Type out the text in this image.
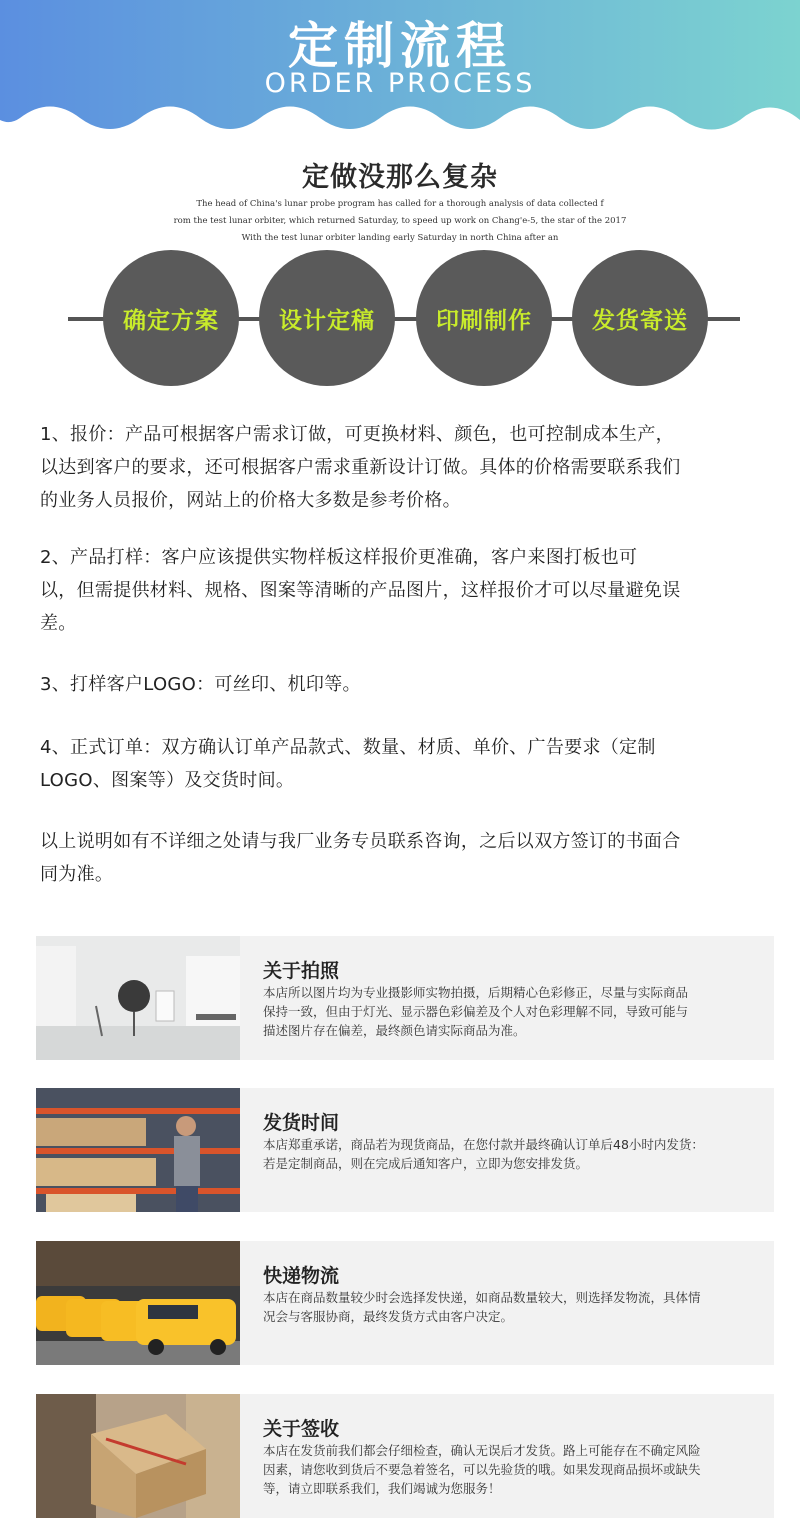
定制流程
ORDER PROCESS
定做没那么复杂
The head of China's lunar probe program has called for a thorough analysis of data collected f
rom the test lunar orbiter, which returned Saturday, to speed up work on Chang'e-5, the star of the 2017
With the test lunar orbiter landing early Saturday in north China after an
确定方案	设计定稿	印刷制作	发货寄送
1、报价：产品可根据客户需求订做，可更换材料、颜色，也可控制成本生产，
以达到客户的要求，还可根据客户需求重新设计订做。具体的价格需要联系我们
的业务人员报价，网站上的价格大多数是参考价格。
2、产品打样：客户应该提供实物样板这样报价更准确，客户来图打板也可
以，但需提供材料、规格、图案等清晰的产品图片，这样报价才可以尽量避免误
差。
3、打样客户LOGO：可丝印、机印等。
4、正式订单：双方确认订单产品款式、数量、材质、单价、广告要求（定制
LOGO、图案等）及交货时间。
以上说明如有不详细之处请与我厂业务专员联系咨询，之后以双方签订的书面合
同为准。
关于拍照
本店所以图片均为专业摄影师实物拍摄，后期精心色彩修正，尽量与实际商品
保持一致，但由于灯光、显示器色彩偏差及个人对色彩理解不同，导致可能与
描述图片存在偏差，最终颜色请实际商品为准。
发货时间
本店郑重承诺，商品若为现货商品，在您付款并最终确认订单后48小时内发货：
若是定制商品，则在完成后通知客户，立即为您安排发货。
快递物流
本店在商品数量较少时会选择发快递，如商品数量较大，则选择发物流，具体情
况会与客服协商，最终发货方式由客户决定。
关于签收
本店在发货前我们都会仔细检查，确认无误后才发货。路上可能存在不确定风险
因素，请您收到货后不要急着签名，可以先验货的哦。如果发现商品损坏或缺失
等，请立即联系我们，我们竭诚为您服务！
